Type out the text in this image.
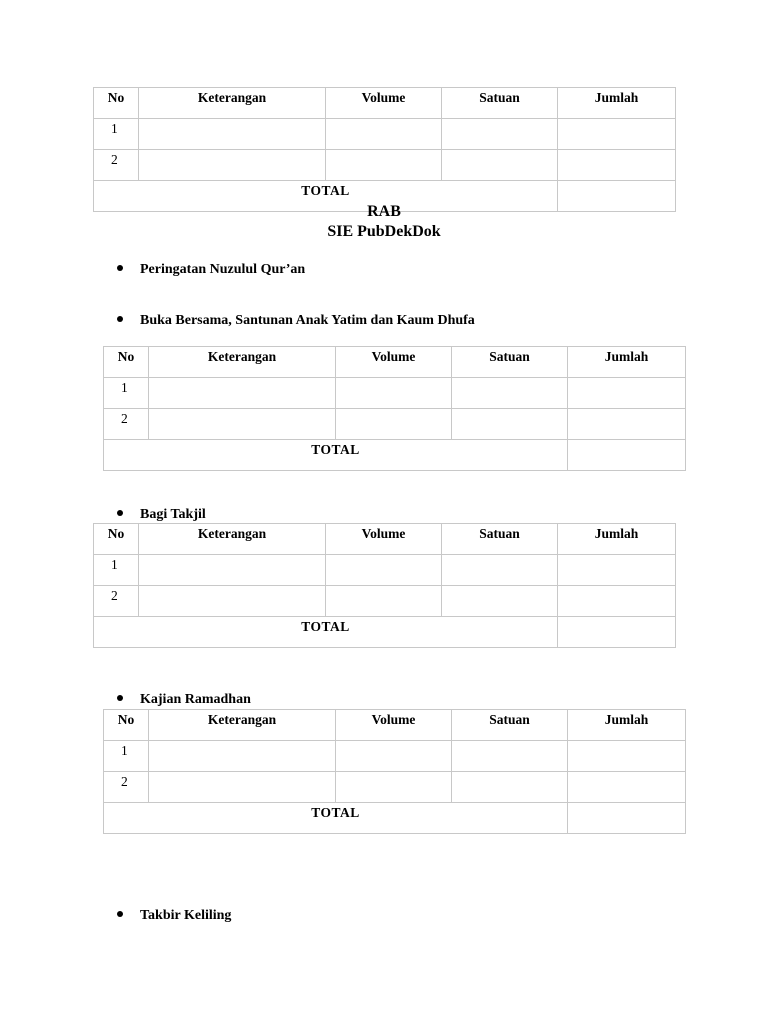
No	Keterangan	Volume	Satuan	Jumlah
1				
2				
TOTAL				
RAB
SIE PubDekDok
Peringatan Nuzulul Qur’an
Buka Bersama, Santunan Anak Yatim dan Kaum Dhufa
No	Keterangan	Volume	Satuan	Jumlah
1				
2				
TOTAL				
Bagi Takjil
No	Keterangan	Volume	Satuan	Jumlah
1				
2				
TOTAL				
Kajian Ramadhan
No	Keterangan	Volume	Satuan	Jumlah
1				
2				
TOTAL				
Takbir Keliling
